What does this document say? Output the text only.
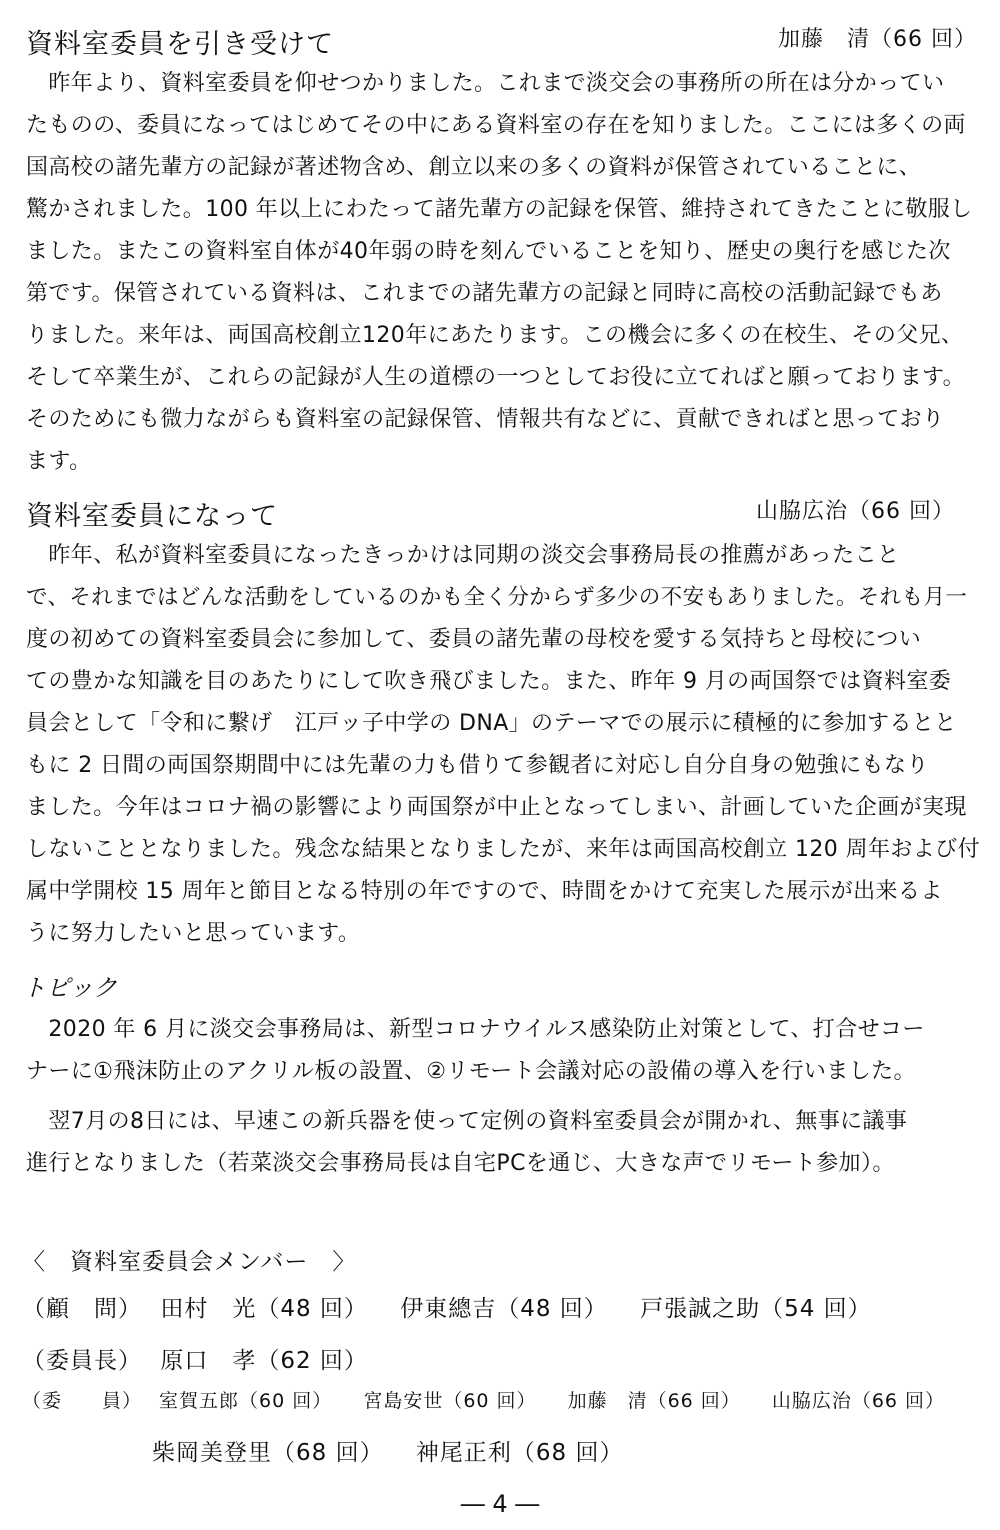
資料室委員を引き受けて	加藤　清（66 回）
　昨年より、資料室委員を仰せつかりました。これまで淡交会の事務所の所在は分かってい
たものの、委員になってはじめてその中にある資料室の存在を知りました。ここには多くの両
国高校の諸先輩方の記録が著述物含め、創立以来の多くの資料が保管されていることに、
驚かされました。100 年以上にわたって諸先輩方の記録を保管、維持されてきたことに敬服し
ました。またこの資料室自体が40年弱の時を刻んでいることを知り、歴史の奥行を感じた次
第です。保管されている資料は、これまでの諸先輩方の記録と同時に高校の活動記録でもあ
りました。来年は、両国高校創立120年にあたります。この機会に多くの在校生、その父兄、
そして卒業生が、これらの記録が人生の道標の一つとしてお役に立てればと願っております。
そのためにも微力ながらも資料室の記録保管、情報共有などに、貢献できればと思っており
ます。
資料室委員になって	山脇広治（66 回）
　昨年、私が資料室委員になったきっかけは同期の淡交会事務局長の推薦があったこと
で、それまではどんな活動をしているのかも全く分からず多少の不安もありました。それも月一
度の初めての資料室委員会に参加して、委員の諸先輩の母校を愛する気持ちと母校につい
ての豊かな知識を目のあたりにして吹き飛びました。また、昨年 9 月の両国祭では資料室委
員会として「令和に繋げ　江戸ッ子中学の DNA」のテーマでの展示に積極的に参加するとと
もに 2 日間の両国祭期間中には先輩の力も借りて参観者に対応し自分自身の勉強にもなり
ました。今年はコロナ禍の影響により両国祭が中止となってしまい、計画していた企画が実現
しないこととなりました。残念な結果となりましたが、来年は両国高校創立 120 周年および付
属中学開校 15 周年と節目となる特別の年ですので、時間をかけて充実した展示が出来るよ
うに努力したいと思っています。
トピック
　2020 年 6 月に淡交会事務局は、新型コロナウイルス感染防止対策として、打合せコー
ナーに①飛沫防止のアクリル板の設置、②リモート会議対応の設備の導入を行いました。
　翌7月の8日には、早速この新兵器を使って定例の資料室委員会が開かれ、無事に議事
進行となりました（若菜淡交会事務局長は自宅PCを通じ、大きな声でリモート参加）。
〈　資料室委員会メンバー　〉
（顧　問） 田村　光（48 回） 伊東總吉（48 回） 戸張誠之助（54 回）
（委員長） 原口　孝（62 回）
（委　　員） 室賀五郎（60 回） 宮島安世（60 回） 加藤　清（66 回） 山脇広治（66 回）
柴岡美登里（68 回） 神尾正利（68 回）
― 4 ―
